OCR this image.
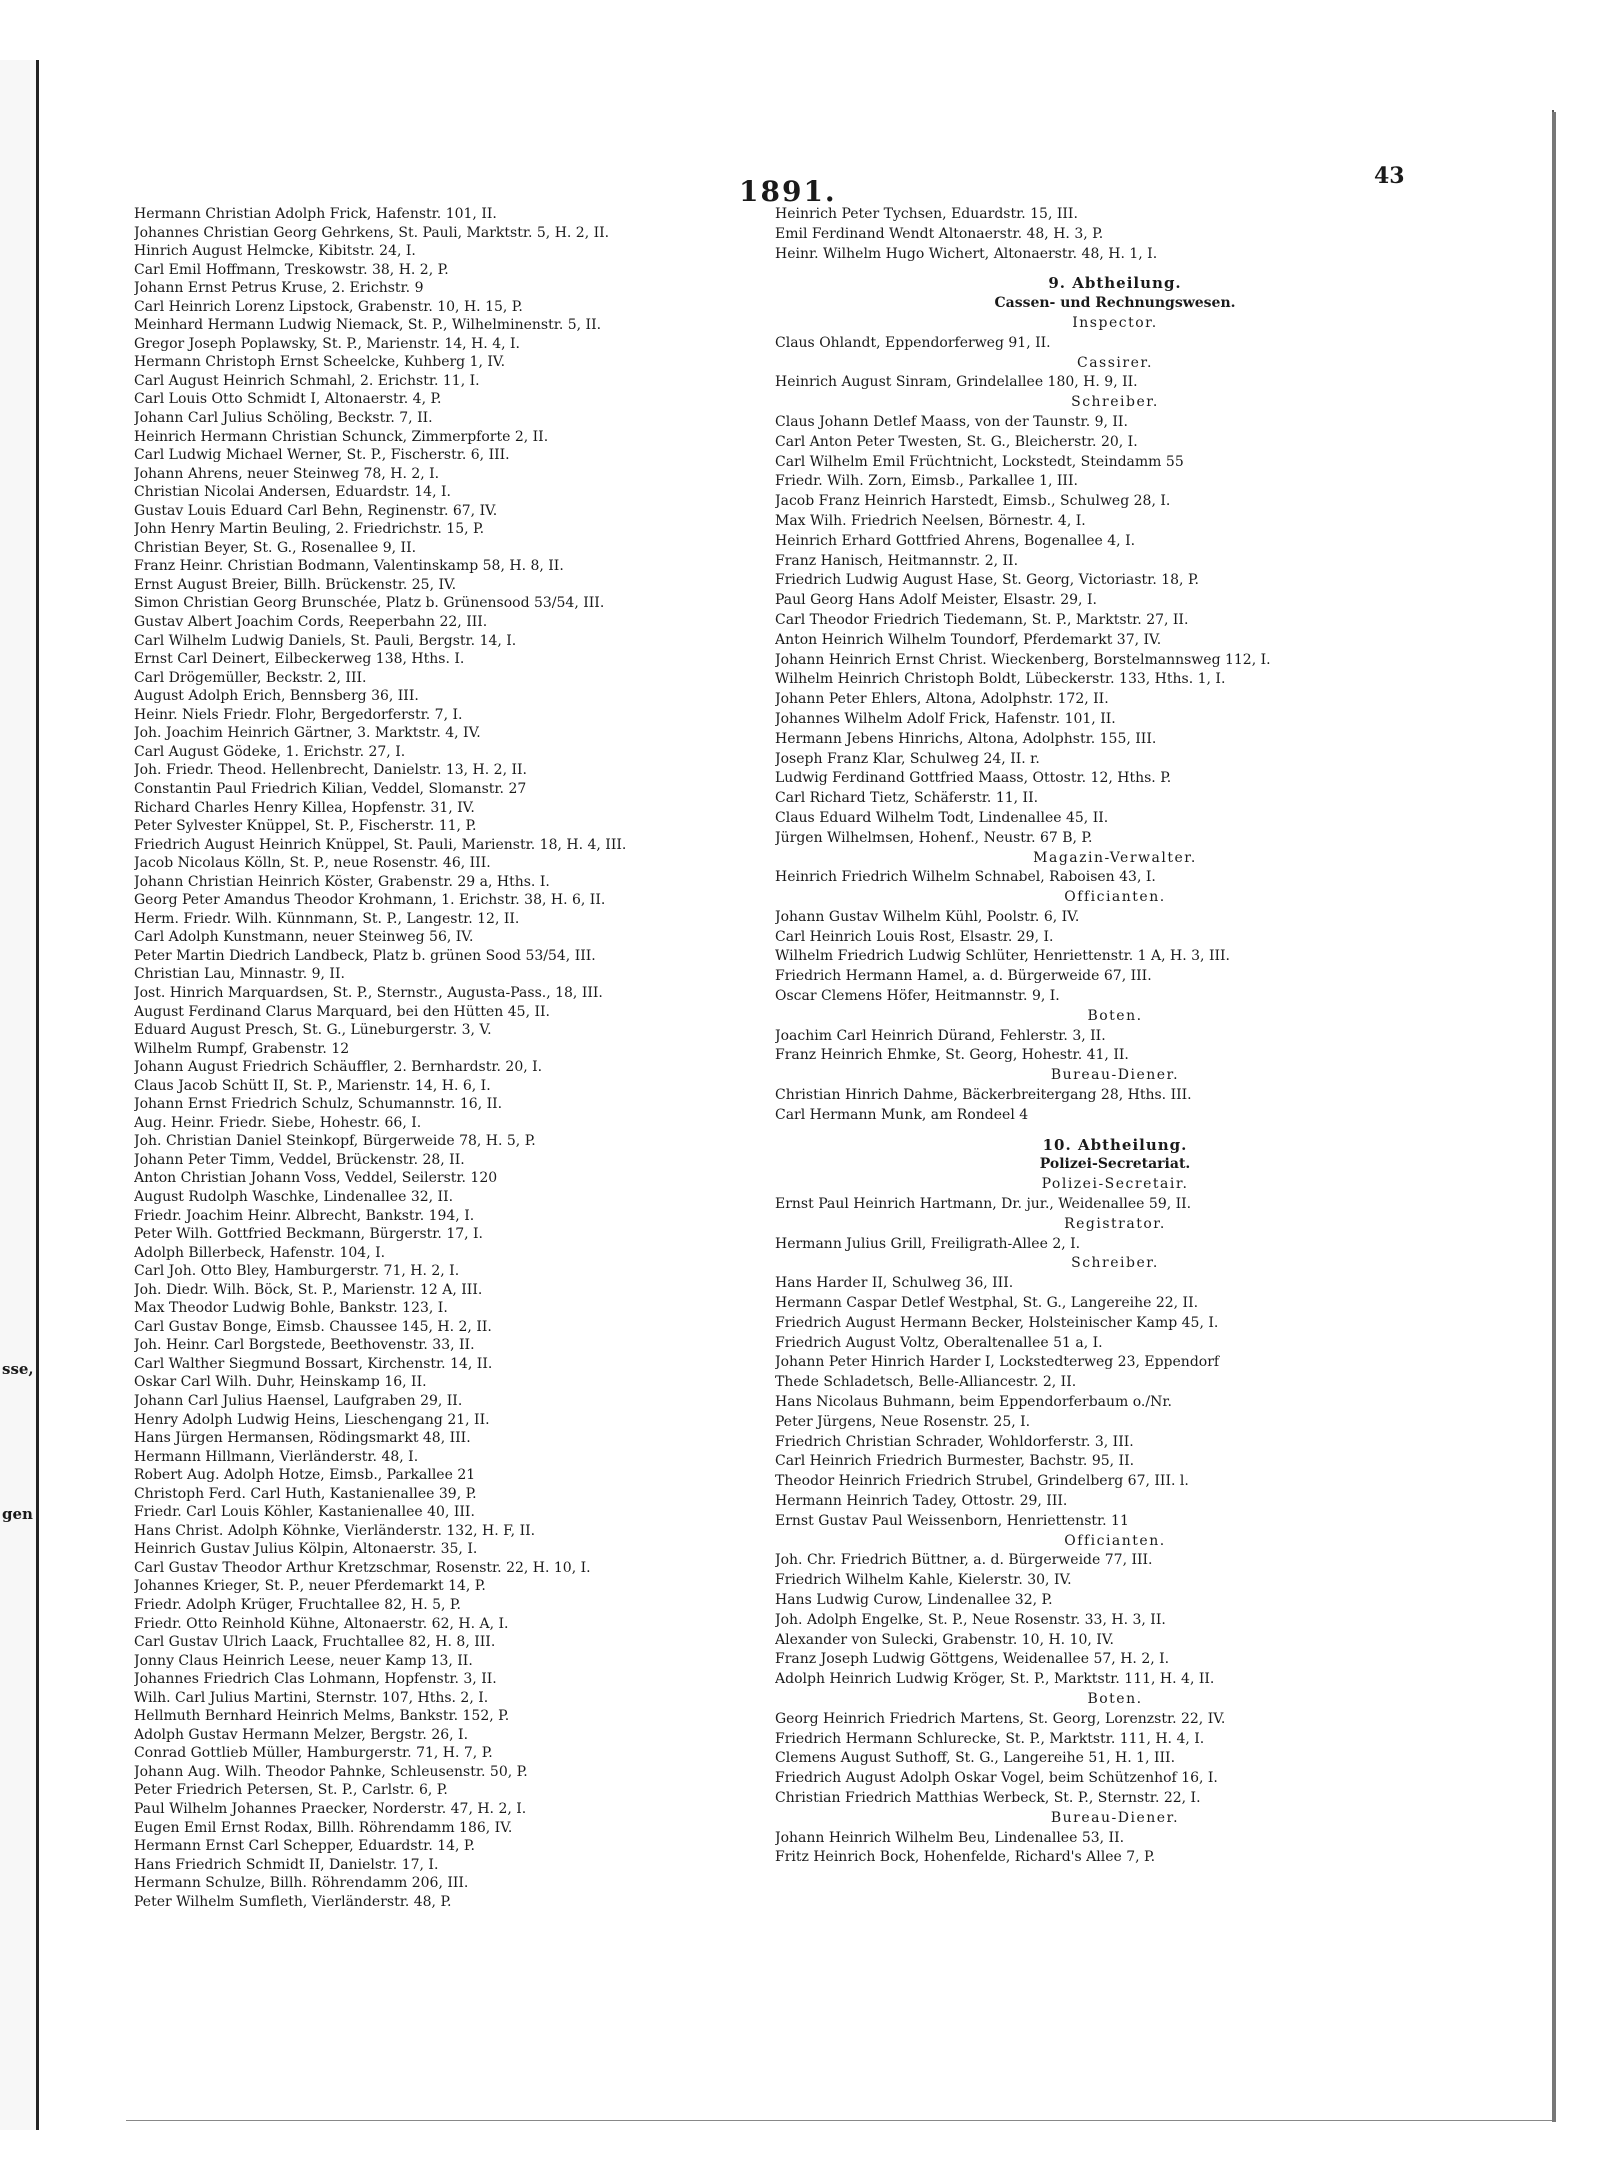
sse,
gen
1891.	43
Hermann Christian Adolph Frick, Hafenstr. 101, II.
Johannes Christian Georg Gehrkens, St. Pauli, Marktstr. 5, H. 2, II.
Hinrich August Helmcke, Kibitstr. 24, I.
Carl Emil Hoffmann, Treskowstr. 38, H. 2, P.
Johann Ernst Petrus Kruse, 2. Erichstr. 9
Carl Heinrich Lorenz Lipstock, Grabenstr. 10, H. 15, P.
Meinhard Hermann Ludwig Niemack, St. P., Wilhelminenstr. 5, II.
Gregor Joseph Poplawsky, St. P., Marienstr. 14, H. 4, I.
Hermann Christoph Ernst Scheelcke, Kuhberg 1, IV.
Carl August Heinrich Schmahl, 2. Erichstr. 11, I.
Carl Louis Otto Schmidt I, Altonaerstr. 4, P.
Johann Carl Julius Schöling, Beckstr. 7, II.
Heinrich Hermann Christian Schunck, Zimmerpforte 2, II.
Carl Ludwig Michael Werner, St. P., Fischerstr. 6, III.
Johann Ahrens, neuer Steinweg 78, H. 2, I.
Christian Nicolai Andersen, Eduardstr. 14, I.
Gustav Louis Eduard Carl Behn, Reginenstr. 67, IV.
John Henry Martin Beuling, 2. Friedrichstr. 15, P.
Christian Beyer, St. G., Rosenallee 9, II.
Franz Heinr. Christian Bodmann, Valentinskamp 58, H. 8, II.
Ernst August Breier, Billh. Brückenstr. 25, IV.
Simon Christian Georg Brunschée, Platz b. Grünensood 53/54, III.
Gustav Albert Joachim Cords, Reeperbahn 22, III.
Carl Wilhelm Ludwig Daniels, St. Pauli, Bergstr. 14, I.
Ernst Carl Deinert, Eilbeckerweg 138, Hths. I.
Carl Drögemüller, Beckstr. 2, III.
August Adolph Erich, Bennsberg 36, III.
Heinr. Niels Friedr. Flohr, Bergedorferstr. 7, I.
Joh. Joachim Heinrich Gärtner, 3. Marktstr. 4, IV.
Carl August Gödeke, 1. Erichstr. 27, I.
Joh. Friedr. Theod. Hellenbrecht, Danielstr. 13, H. 2, II.
Constantin Paul Friedrich Kilian, Veddel, Slomanstr. 27
Richard Charles Henry Killea, Hopfenstr. 31, IV.
Peter Sylvester Knüppel, St. P., Fischerstr. 11, P.
Friedrich August Heinrich Knüppel, St. Pauli, Marienstr. 18, H. 4, III.
Jacob Nicolaus Kölln, St. P., neue Rosenstr. 46, III.
Johann Christian Heinrich Köster, Grabenstr. 29 a, Hths. I.
Georg Peter Amandus Theodor Krohmann, 1. Erichstr. 38, H. 6, II.
Herm. Friedr. Wilh. Künnmann, St. P., Langestr. 12, II.
Carl Adolph Kunstmann, neuer Steinweg 56, IV.
Peter Martin Diedrich Landbeck, Platz b. grünen Sood 53/54, III.
Christian Lau, Minnastr. 9, II.
Jost. Hinrich Marquardsen, St. P., Sternstr., Augusta-Pass., 18, III.
August Ferdinand Clarus Marquard, bei den Hütten 45, II.
Eduard August Presch, St. G., Lüneburgerstr. 3, V.
Wilhelm Rumpf, Grabenstr. 12
Johann August Friedrich Schäuffler, 2. Bernhardstr. 20, I.
Claus Jacob Schütt II, St. P., Marienstr. 14, H. 6, I.
Johann Ernst Friedrich Schulz, Schumannstr. 16, II.
Aug. Heinr. Friedr. Siebe, Hohestr. 66, I.
Joh. Christian Daniel Steinkopf, Bürgerweide 78, H. 5, P.
Johann Peter Timm, Veddel, Brückenstr. 28, II.
Anton Christian Johann Voss, Veddel, Seilerstr. 120
August Rudolph Waschke, Lindenallee 32, II.
Friedr. Joachim Heinr. Albrecht, Bankstr. 194, I.
Peter Wilh. Gottfried Beckmann, Bürgerstr. 17, I.
Adolph Billerbeck, Hafenstr. 104, I.
Carl Joh. Otto Bley, Hamburgerstr. 71, H. 2, I.
Joh. Diedr. Wilh. Böck, St. P., Marienstr. 12 A, III.
Max Theodor Ludwig Bohle, Bankstr. 123, I.
Carl Gustav Bonge, Eimsb. Chaussee 145, H. 2, II.
Joh. Heinr. Carl Borgstede, Beethovenstr. 33, II.
Carl Walther Siegmund Bossart, Kirchenstr. 14, II.
Oskar Carl Wilh. Duhr, Heinskamp 16, II.
Johann Carl Julius Haensel, Laufgraben 29, II.
Henry Adolph Ludwig Heins, Lieschengang 21, II.
Hans Jürgen Hermansen, Rödingsmarkt 48, III.
Hermann Hillmann, Vierländerstr. 48, I.
Robert Aug. Adolph Hotze, Eimsb., Parkallee 21
Christoph Ferd. Carl Huth, Kastanienallee 39, P.
Friedr. Carl Louis Köhler, Kastanienallee 40, III.
Hans Christ. Adolph Köhnke, Vierländerstr. 132, H. F, II.
Heinrich Gustav Julius Kölpin, Altonaerstr. 35, I.
Carl Gustav Theodor Arthur Kretzschmar, Rosenstr. 22, H. 10, I.
Johannes Krieger, St. P., neuer Pferdemarkt 14, P.
Friedr. Adolph Krüger, Fruchtallee 82, H. 5, P.
Friedr. Otto Reinhold Kühne, Altonaerstr. 62, H. A, I.
Carl Gustav Ulrich Laack, Fruchtallee 82, H. 8, III.
Jonny Claus Heinrich Leese, neuer Kamp 13, II.
Johannes Friedrich Clas Lohmann, Hopfenstr. 3, II.
Wilh. Carl Julius Martini, Sternstr. 107, Hths. 2, I.
Hellmuth Bernhard Heinrich Melms, Bankstr. 152, P.
Adolph Gustav Hermann Melzer, Bergstr. 26, I.
Conrad Gottlieb Müller, Hamburgerstr. 71, H. 7, P.
Johann Aug. Wilh. Theodor Pahnke, Schleusenstr. 50, P.
Peter Friedrich Petersen, St. P., Carlstr. 6, P.
Paul Wilhelm Johannes Praecker, Norderstr. 47, H. 2, I.
Eugen Emil Ernst Rodax, Billh. Röhrendamm 186, IV.
Hermann Ernst Carl Schepper, Eduardstr. 14, P.
Hans Friedrich Schmidt II, Danielstr. 17, I.
Hermann Schulze, Billh. Röhrendamm 206, III.
Peter Wilhelm Sumfleth, Vierländerstr. 48, P.
Heinrich Peter Tychsen, Eduardstr. 15, III.
Emil Ferdinand Wendt Altonaerstr. 48, H. 3, P.
Heinr. Wilhelm Hugo Wichert, Altonaerstr. 48, H. 1, I.
9. Abtheilung.
Cassen- und Rechnungswesen.
Inspector.
Claus Ohlandt, Eppendorferweg 91, II.
Cassirer.
Heinrich August Sinram, Grindelallee 180, H. 9, II.
Schreiber.
Claus Johann Detlef Maass, von der Taunstr. 9, II.
Carl Anton Peter Twesten, St. G., Bleicherstr. 20, I.
Carl Wilhelm Emil Früchtnicht, Lockstedt, Steindamm 55
Friedr. Wilh. Zorn, Eimsb., Parkallee 1, III.
Jacob Franz Heinrich Harstedt, Eimsb., Schulweg 28, I.
Max Wilh. Friedrich Neelsen, Börnestr. 4, I.
Heinrich Erhard Gottfried Ahrens, Bogenallee 4, I.
Franz Hanisch, Heitmannstr. 2, II.
Friedrich Ludwig August Hase, St. Georg, Victoriastr. 18, P.
Paul Georg Hans Adolf Meister, Elsastr. 29, I.
Carl Theodor Friedrich Tiedemann, St. P., Marktstr. 27, II.
Anton Heinrich Wilhelm Toundorf, Pferdemarkt 37, IV.
Johann Heinrich Ernst Christ. Wieckenberg, Borstelmannsweg 112, I.
Wilhelm Heinrich Christoph Boldt, Lübeckerstr. 133, Hths. 1, I.
Johann Peter Ehlers, Altona, Adolphstr. 172, II.
Johannes Wilhelm Adolf Frick, Hafenstr. 101, II.
Hermann Jebens Hinrichs, Altona, Adolphstr. 155, III.
Joseph Franz Klar, Schulweg 24, II. r.
Ludwig Ferdinand Gottfried Maass, Ottostr. 12, Hths. P.
Carl Richard Tietz, Schäferstr. 11, II.
Claus Eduard Wilhelm Todt, Lindenallee 45, II.
Jürgen Wilhelmsen, Hohenf., Neustr. 67 B, P.
Magazin-Verwalter.
Heinrich Friedrich Wilhelm Schnabel, Raboisen 43, I.
Officianten.
Johann Gustav Wilhelm Kühl, Poolstr. 6, IV.
Carl Heinrich Louis Rost, Elsastr. 29, I.
Wilhelm Friedrich Ludwig Schlüter, Henriettenstr. 1 A, H. 3, III.
Friedrich Hermann Hamel, a. d. Bürgerweide 67, III.
Oscar Clemens Höfer, Heitmannstr. 9, I.
Boten.
Joachim Carl Heinrich Dürand, Fehlerstr. 3, II.
Franz Heinrich Ehmke, St. Georg, Hohestr. 41, II.
Bureau-Diener.
Christian Hinrich Dahme, Bäckerbreitergang 28, Hths. III.
Carl Hermann Munk, am Rondeel 4
10. Abtheilung.
Polizei-Secretariat.
Polizei-Secretair.
Ernst Paul Heinrich Hartmann, Dr. jur., Weidenallee 59, II.
Registrator.
Hermann Julius Grill, Freiligrath-Allee 2, I.
Schreiber.
Hans Harder II, Schulweg 36, III.
Hermann Caspar Detlef Westphal, St. G., Langereihe 22, II.
Friedrich August Hermann Becker, Holsteinischer Kamp 45, I.
Friedrich August Voltz, Oberaltenallee 51 a, I.
Johann Peter Hinrich Harder I, Lockstedterweg 23, Eppendorf
Thede Schladetsch, Belle-Alliancestr. 2, II.
Hans Nicolaus Buhmann, beim Eppendorferbaum o./Nr.
Peter Jürgens, Neue Rosenstr. 25, I.
Friedrich Christian Schrader, Wohldorferstr. 3, III.
Carl Heinrich Friedrich Burmester, Bachstr. 95, II.
Theodor Heinrich Friedrich Strubel, Grindelberg 67, III. l.
Hermann Heinrich Tadey, Ottostr. 29, III.
Ernst Gustav Paul Weissenborn, Henriettenstr. 11
Officianten.
Joh. Chr. Friedrich Büttner, a. d. Bürgerweide 77, III.
Friedrich Wilhelm Kahle, Kielerstr. 30, IV.
Hans Ludwig Curow, Lindenallee 32, P.
Joh. Adolph Engelke, St. P., Neue Rosenstr. 33, H. 3, II.
Alexander von Sulecki, Grabenstr. 10, H. 10, IV.
Franz Joseph Ludwig Göttgens, Weidenallee 57, H. 2, I.
Adolph Heinrich Ludwig Kröger, St. P., Marktstr. 111, H. 4, II.
Boten.
Georg Heinrich Friedrich Martens, St. Georg, Lorenzstr. 22, IV.
Friedrich Hermann Schlurecke, St. P., Marktstr. 111, H. 4, I.
Clemens August Suthoff, St. G., Langereihe 51, H. 1, III.
Friedrich August Adolph Oskar Vogel, beim Schützenhof 16, I.
Christian Friedrich Matthias Werbeck, St. P., Sternstr. 22, I.
Bureau-Diener.
Johann Heinrich Wilhelm Beu, Lindenallee 53, II.
Fritz Heinrich Bock, Hohenfelde, Richard's Allee 7, P.
